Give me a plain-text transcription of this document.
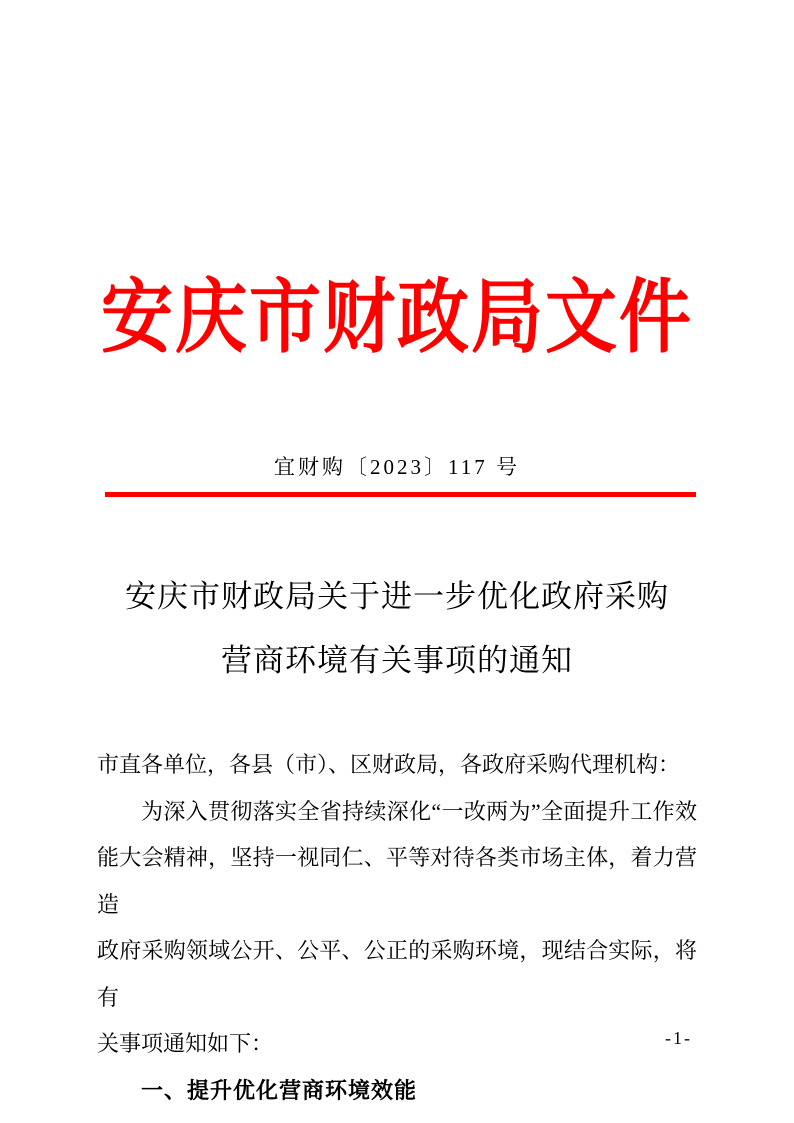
安庆市财政局文件
宜财购〔2023〕117 号
安庆市财政局关于进一步优化政府采购
营商环境有关事项的通知
市直各单位，各县（市）、区财政局，各政府采购代理机构：
为深入贯彻落实全省持续深化“一改两为”全面提升工作效
能大会精神，坚持一视同仁、平等对待各类市场主体，着力营造
政府采购领域公开、公平、公正的采购环境，现结合实际，将有
关事项通知如下：
一、提升优化营商环境效能
-1-
